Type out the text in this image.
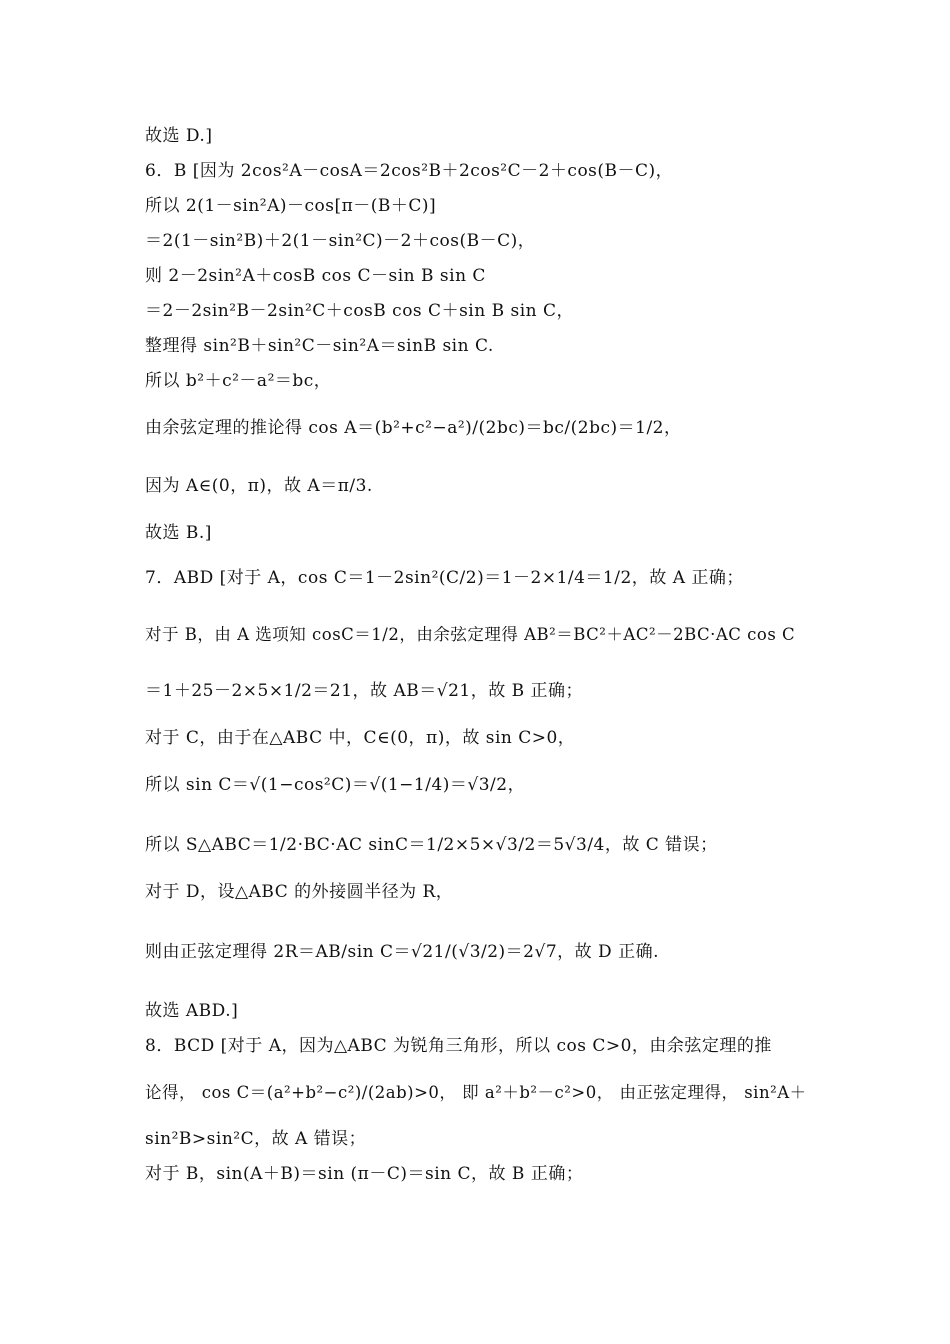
故选 D.]
6．B [因为 2cos²A－cosA＝2cos²B＋2cos²C－2＋cos(B－C)，
所以 2(1－sin²A)－cos[π－(B＋C)]
＝2(1－sin²B)＋2(1－sin²C)－2＋cos(B－C)，
则 2－2sin²A＋cosB cos C－sin B sin C
＝2－2sin²B－2sin²C＋cosB cos C＋sin B sin C，
整理得 sin²B＋sin²C－sin²A＝sinB sin C.
所以 b²＋c²－a²＝bc，
由余弦定理的推论得 cos A＝(b²+c²−a²)/(2bc)＝bc/(2bc)＝1/2，
因为 A∈(0，π)，故 A＝π/3.
故选 B.]
7．ABD [对于 A，cos C＝1－2sin²(C/2)＝1－2×1/4＝1/2，故 A 正确；
对于 B，由 A 选项知 cosC＝1/2，由余弦定理得 AB²＝BC²＋AC²－2BC·AC cos C
＝1＋25－2×5×1/2＝21，故 AB＝√21，故 B 正确；
对于 C，由于在△ABC 中，C∈(0，π)，故 sin C>0，
所以 sin C＝√(1−cos²C)＝√(1−1/4)＝√3/2，
所以 S△ABC＝1/2·BC·AC sinC＝1/2×5×√3/2＝5√3/4，故 C 错误；
对于 D，设△ABC 的外接圆半径为 R，
则由正弦定理得 2R＝AB/sin C＝√21/(√3/2)＝2√7，故 D 正确.
故选 ABD.]
8．BCD [对于 A，因为△ABC 为锐角三角形，所以 cos C>0，由余弦定理的推
论得， cos C＝(a²+b²−c²)/(2ab)>0， 即 a²＋b²－c²>0， 由正弦定理得， sin²A＋
sin²B>sin²C，故 A 错误；
对于 B，sin(A＋B)＝sin (π－C)＝sin C，故 B 正确；
